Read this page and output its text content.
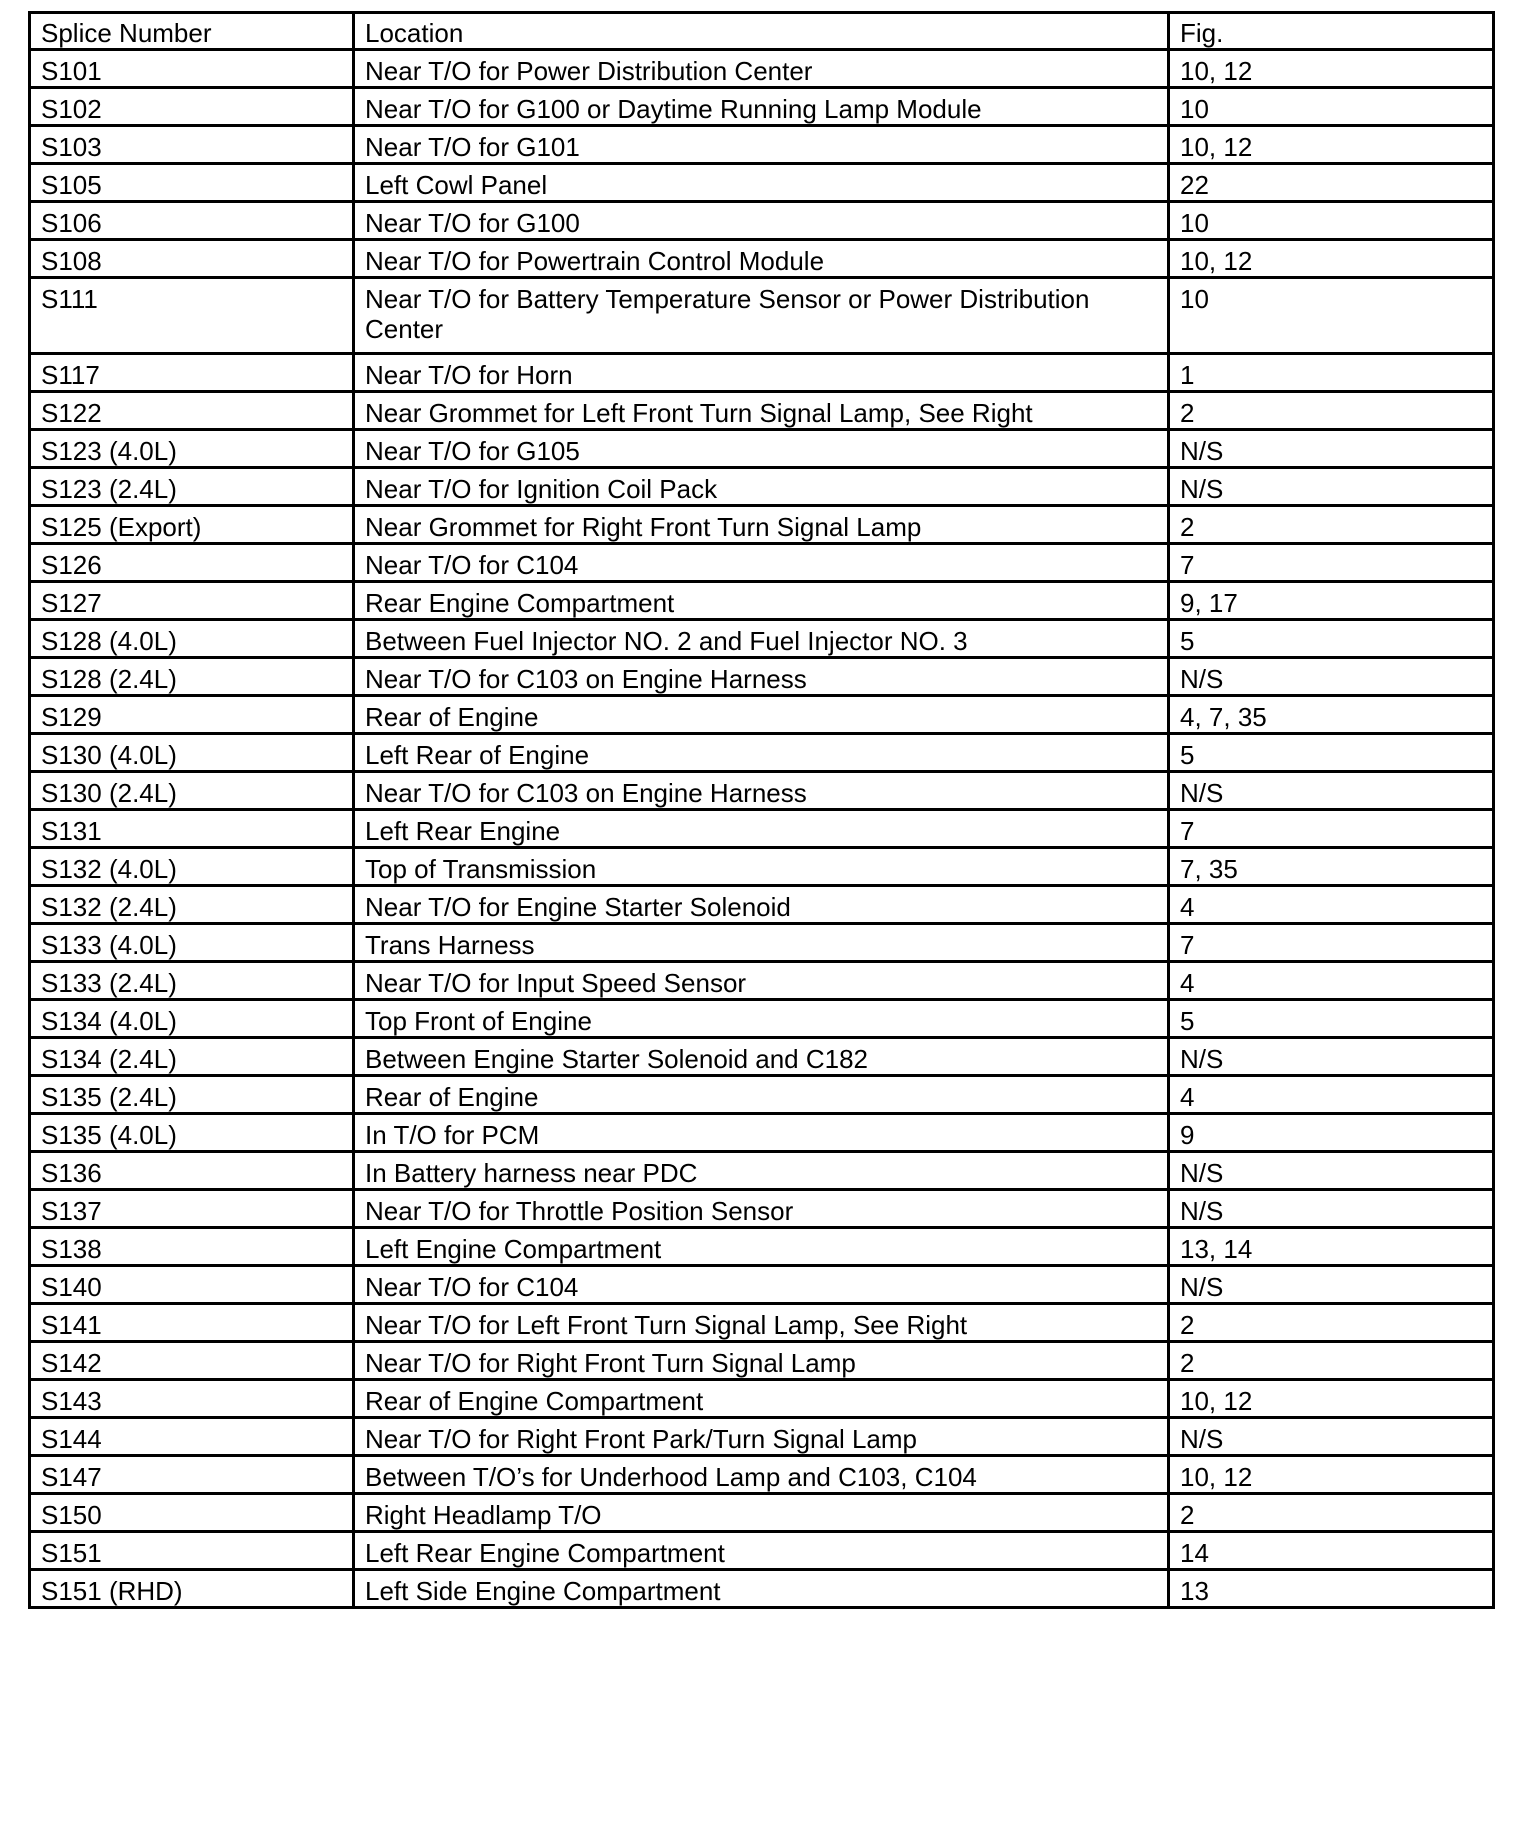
Splice Number	Location	Fig.
S101	Near T/O for Power Distribution Center	10, 12
S102	Near T/O for G100 or Daytime Running Lamp Module	10
S103	Near T/O for G101	10, 12
S105	Left Cowl Panel	22
S106	Near T/O for G100	10
S108	Near T/O for Powertrain Control Module	10, 12
S111	Near T/O for Battery Temperature Sensor or Power Distribution Center	10
S117	Near T/O for Horn	1
S122	Near Grommet for Left Front Turn Signal Lamp, See Right	2
S123 (4.0L)	Near T/O for G105	N/S
S123 (2.4L)	Near T/O for Ignition Coil Pack	N/S
S125 (Export)	Near Grommet for Right Front Turn Signal Lamp	2
S126	Near T/O for C104	7
S127	Rear Engine Compartment	9, 17
S128 (4.0L)	Between Fuel Injector NO. 2 and Fuel Injector NO. 3	5
S128 (2.4L)	Near T/O for C103 on Engine Harness	N/S
S129	Rear of Engine	4, 7, 35
S130 (4.0L)	Left Rear of Engine	5
S130 (2.4L)	Near T/O for C103 on Engine Harness	N/S
S131	Left Rear Engine	7
S132 (4.0L)	Top of Transmission	7, 35
S132 (2.4L)	Near T/O for Engine Starter Solenoid	4
S133 (4.0L)	Trans Harness	7
S133 (2.4L)	Near T/O for Input Speed Sensor	4
S134 (4.0L)	Top Front of Engine	5
S134 (2.4L)	Between Engine Starter Solenoid and C182	N/S
S135 (2.4L)	Rear of Engine	4
S135 (4.0L)	In T/O for PCM	9
S136	In Battery harness near PDC	N/S
S137	Near T/O for Throttle Position Sensor	N/S
S138	Left Engine Compartment	13, 14
S140	Near T/O for C104	N/S
S141	Near T/O for Left Front Turn Signal Lamp, See Right	2
S142	Near T/O for Right Front Turn Signal Lamp	2
S143	Rear of Engine Compartment	10, 12
S144	Near T/O for Right Front Park/Turn Signal Lamp	N/S
S147	Between T/O’s for Underhood Lamp and C103, C104	10, 12
S150	Right Headlamp T/O	2
S151	Left Rear Engine Compartment	14
S151 (RHD)	Left Side Engine Compartment	13
